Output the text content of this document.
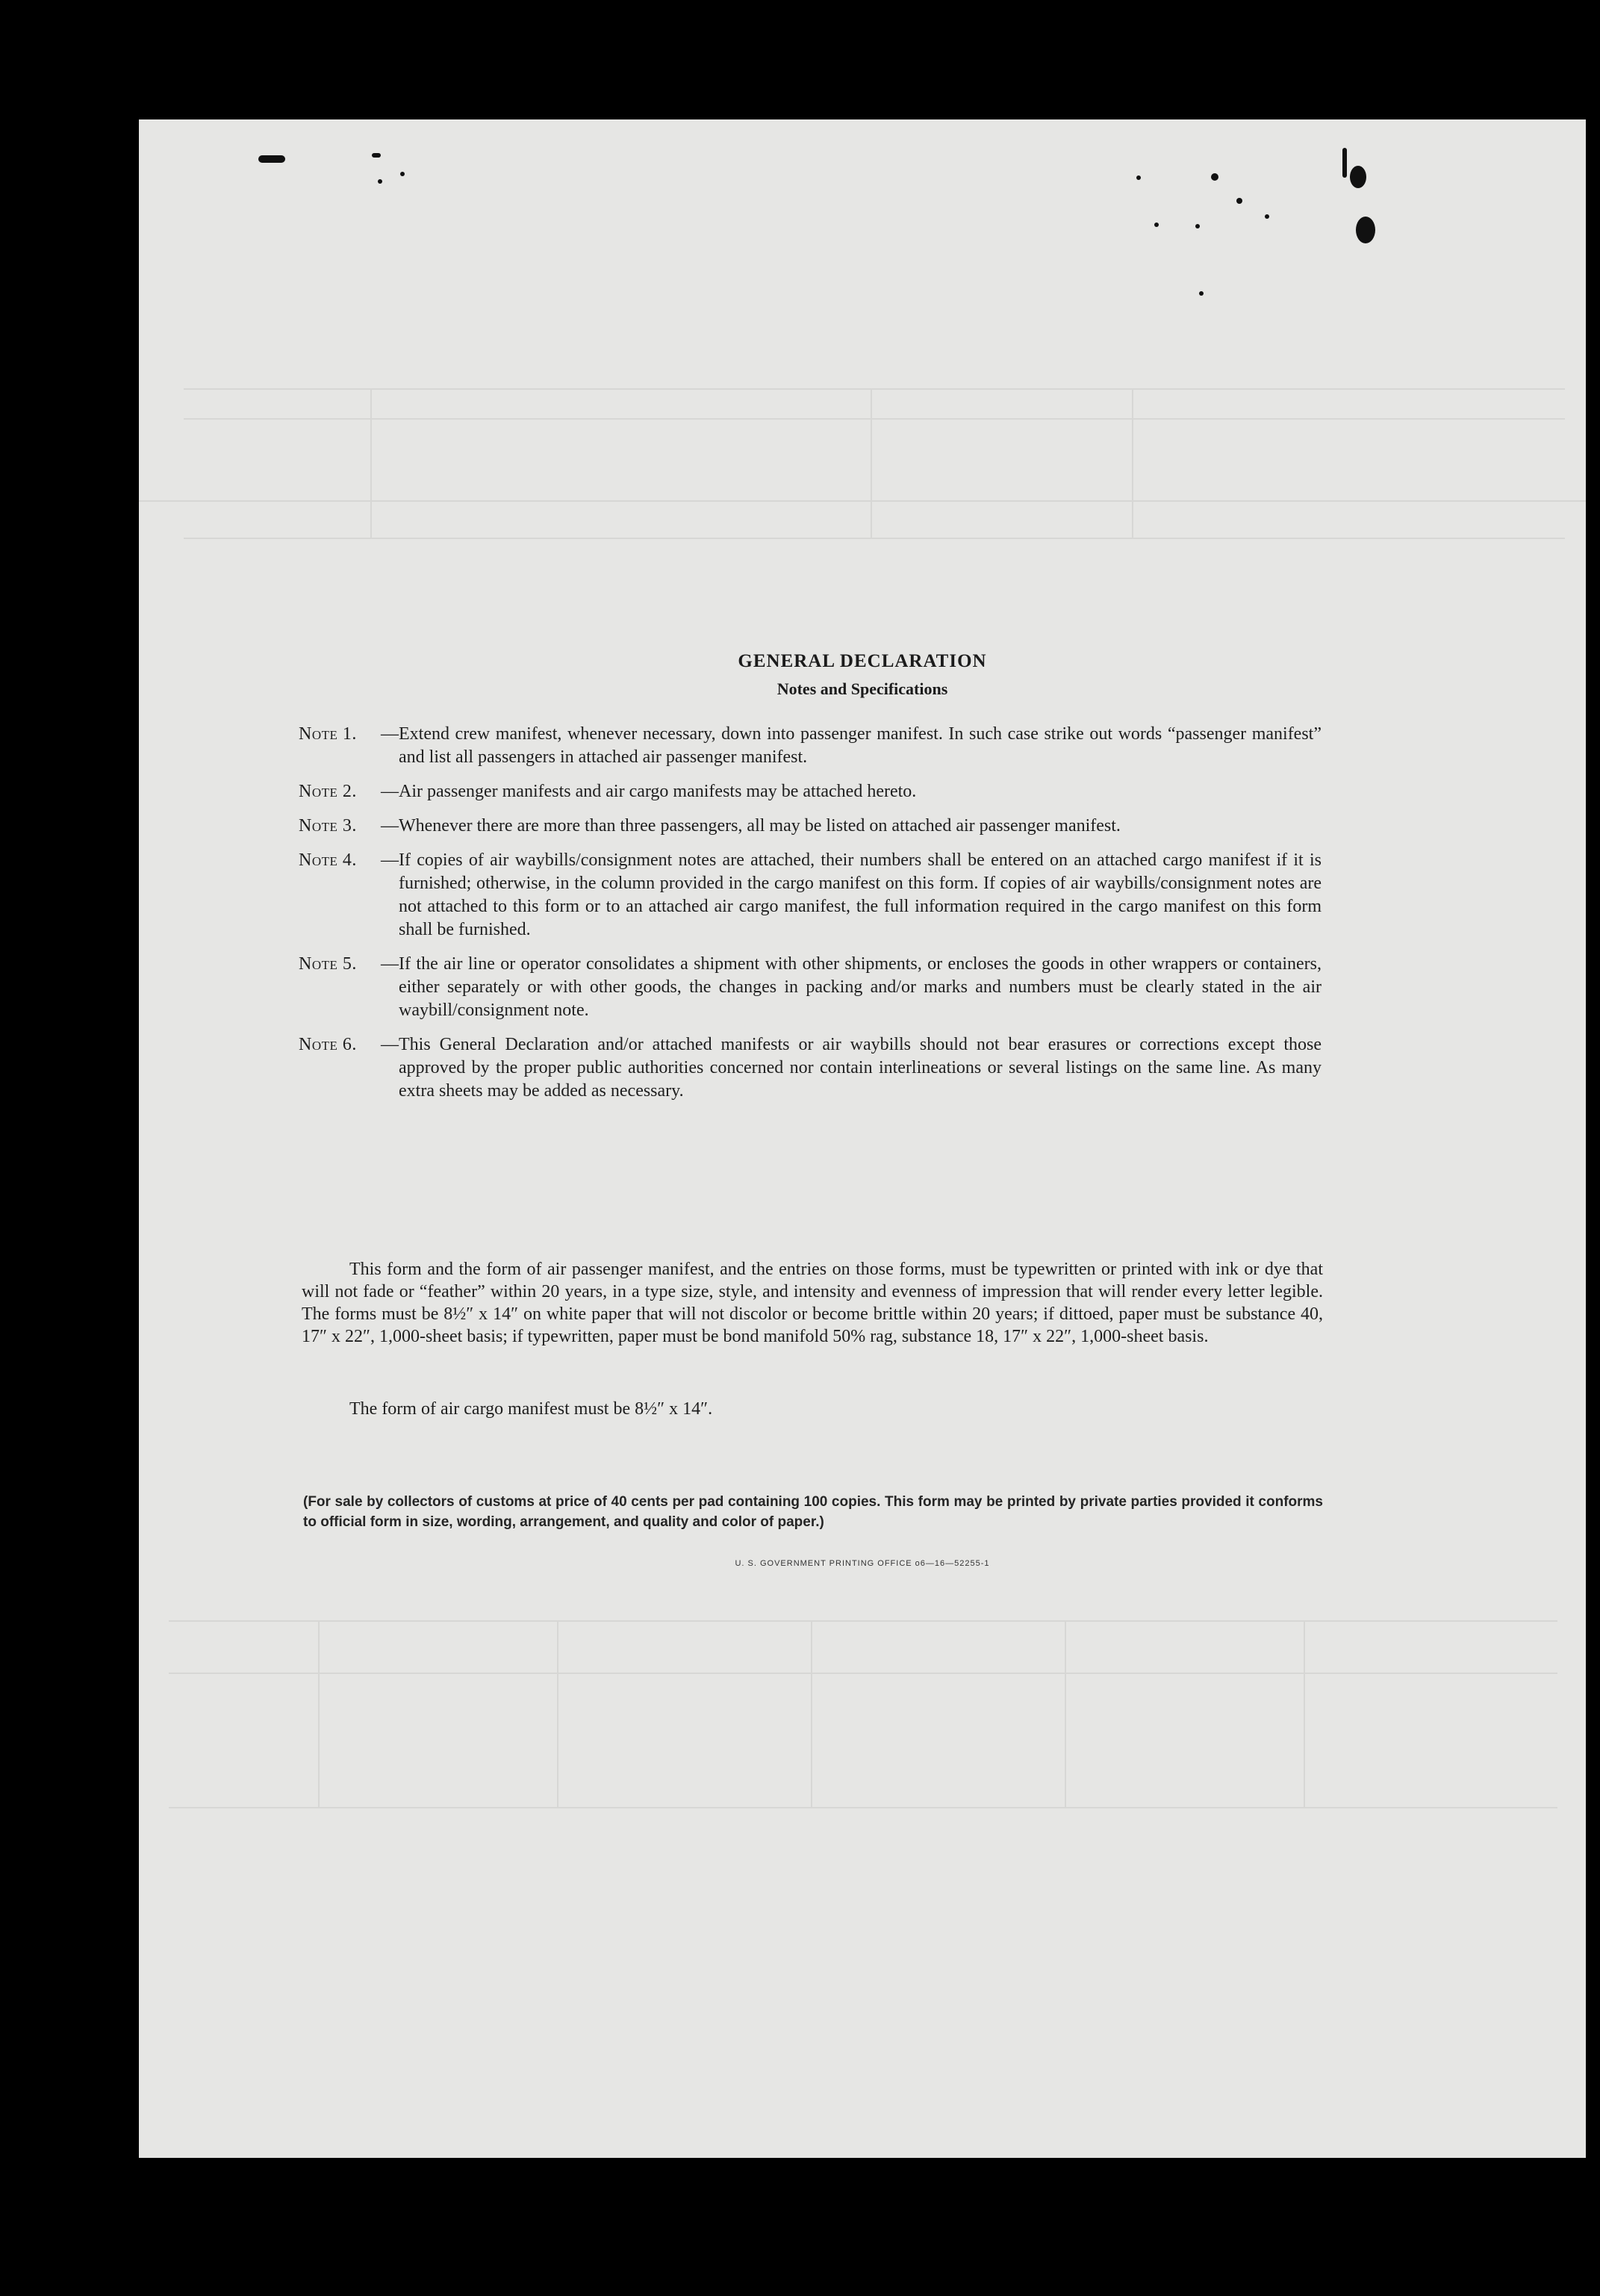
GENERAL DECLARATION
Notes and Specifications
Note 1.	— Extend crew manifest, whenever necessary, down into passenger manifest. In such case strike out words “passenger manifest” and list all passengers in attached air passenger manifest.
Note 2.	— Air passenger manifests and air cargo manifests may be attached hereto.
Note 3.	— Whenever there are more than three passengers, all may be listed on attached air passenger manifest.
Note 4.	— If copies of air waybills/consignment notes are attached, their numbers shall be entered on an attached cargo manifest if it is furnished; otherwise, in the column provided in the cargo manifest on this form. If copies of air waybills/consignment notes are not attached to this form or to an attached air cargo manifest, the full information required in the cargo manifest on this form shall be furnished.
Note 5.	— If the air line or operator consolidates a shipment with other shipments, or encloses the goods in other wrappers or containers, either separately or with other goods, the changes in packing and/or marks and numbers must be clearly stated in the air waybill/consignment note.
Note 6.	— This General Declaration and/or attached manifests or air waybills should not bear erasures or corrections except those approved by the proper public authorities concerned nor contain interlineations or several listings on the same line. As many extra sheets may be added as necessary.
This form and the form of air passenger manifest, and the entries on those forms, must be typewritten or printed with ink or dye that will not fade or “feather” within 20 years, in a type size, style, and intensity and evenness of impression that will render every letter legible. The forms must be 8½″ x 14″ on white paper that will not discolor or become brittle within 20 years; if dittoed, paper must be substance 40, 17″ x 22″, 1,000-sheet basis; if typewritten, paper must be bond manifold 50% rag, substance 18, 17″ x 22″, 1,000-sheet basis.
The form of air cargo manifest must be 8½″ x 14″.
(For sale by collectors of customs at price of 40 cents per pad containing 100 copies. This form may be printed by private parties provided it conforms to official form in size, wording, arrangement, and quality and color of paper.)
U. S. GOVERNMENT PRINTING OFFICE o6—16—52255-1
